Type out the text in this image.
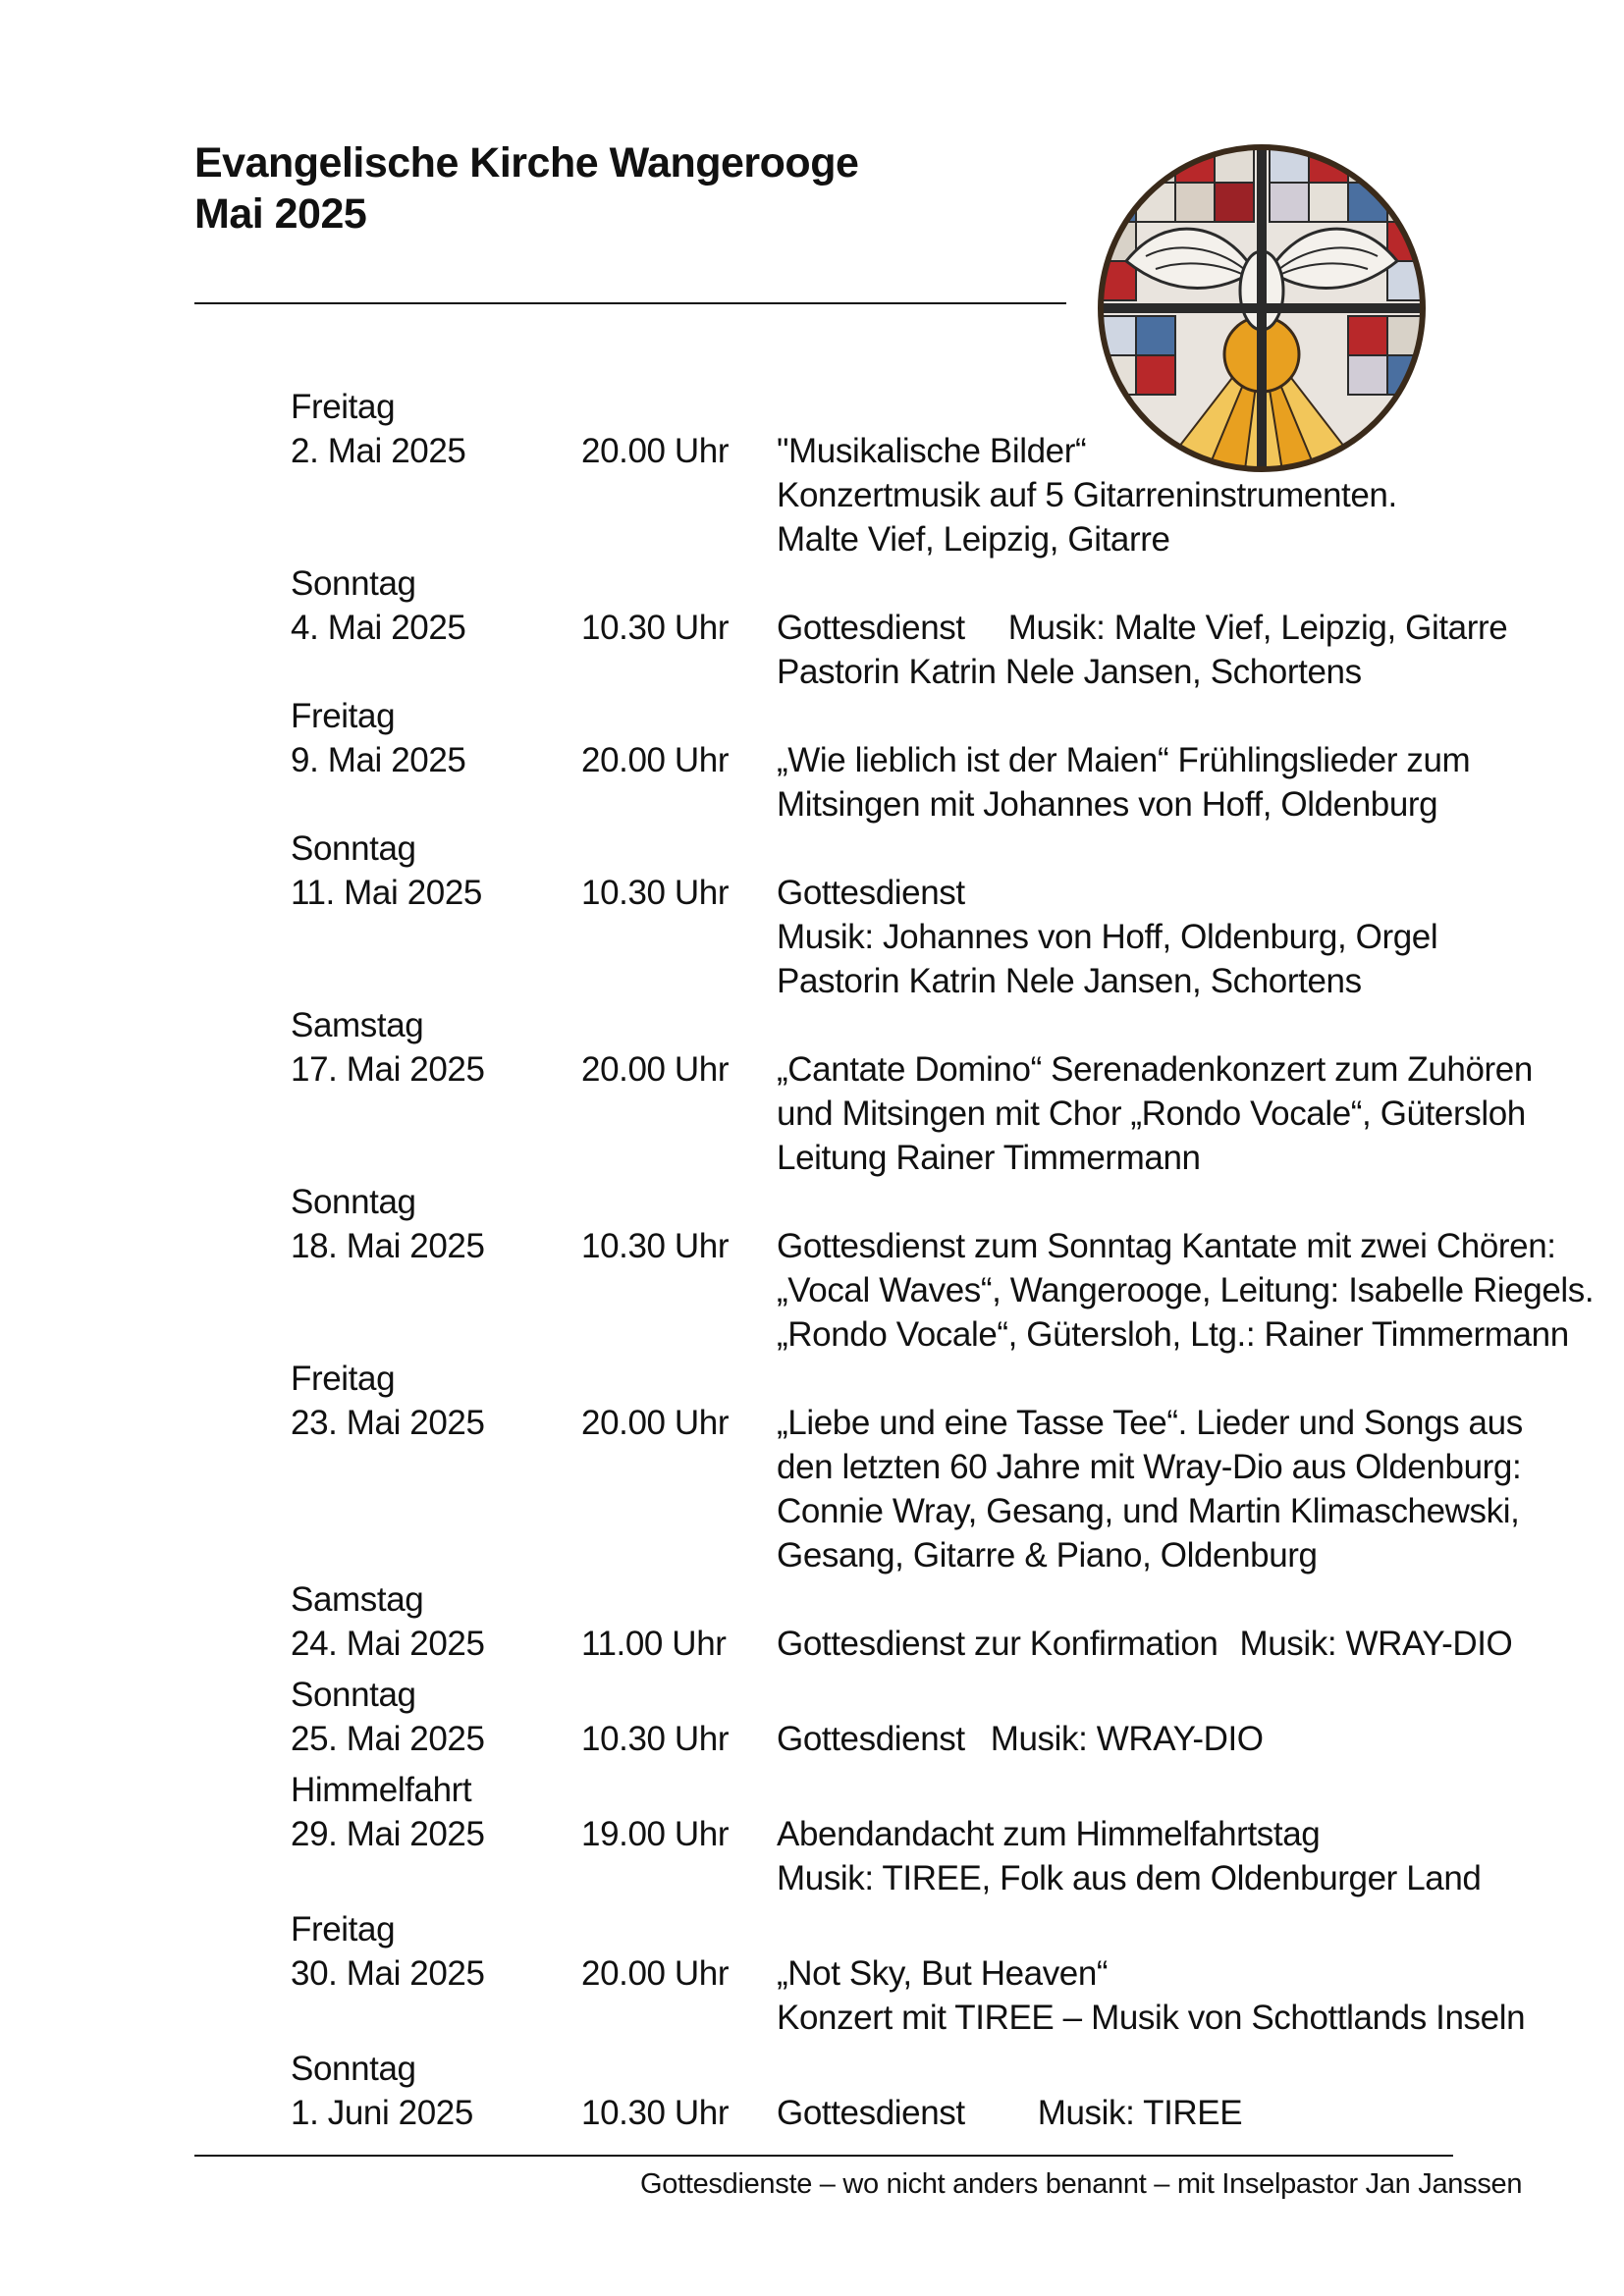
Evangelische Kirche Wangerooge
Mai 2025
Freitag
2. Mai 2025	20.00 Uhr "Musikalische Bilder“
Konzertmusik auf 5 Gitarreninstrumenten.
Malte Vief, Leipzig, Gitarre
Sonntag
4. Mai 2025	10.30 Uhr Gottesdienst Musik: Malte Vief, Leipzig, Gitarre
Pastorin Katrin Nele Jansen, Schortens
Freitag
9. Mai 2025	20.00 Uhr „Wie lieblich ist der Maien“ Frühlingslieder zum
Mitsingen mit Johannes von Hoff, Oldenburg
Sonntag
11. Mai 2025	10.30 Uhr Gottesdienst
Musik: Johannes von Hoff, Oldenburg, Orgel
Pastorin Katrin Nele Jansen, Schortens
Samstag
17. Mai 2025	20.00 Uhr „Cantate Domino“ Serenadenkonzert zum Zuhören
und Mitsingen mit Chor „Rondo Vocale“, Gütersloh
Leitung Rainer Timmermann
Sonntag
18. Mai 2025	10.30 Uhr Gottesdienst zum Sonntag Kantate mit zwei Chören:
„Vocal Waves“, Wangerooge, Leitung: Isabelle Riegels.
„Rondo Vocale“, Gütersloh, Ltg.: Rainer Timmermann
Freitag
23. Mai 2025	20.00 Uhr „Liebe und eine Tasse Tee“. Lieder und Songs aus
den letzten 60 Jahre mit Wray-Dio aus Oldenburg:
Connie Wray, Gesang, und Martin Klimaschewski,
Gesang, Gitarre & Piano, Oldenburg
Samstag
24. Mai 2025	11.00 Uhr Gottesdienst zur Konfirmation Musik: WRAY-DIO
Sonntag
25. Mai 2025	10.30 Uhr Gottesdienst Musik: WRAY-DIO
Himmelfahrt
29. Mai 2025	19.00 Uhr Abendandacht zum Himmelfahrtstag
Musik: TIREE, Folk aus dem Oldenburger Land
Freitag
30. Mai 2025	20.00 Uhr „Not Sky, But Heaven“
Konzert mit TIREE – Musik von Schottlands Inseln
Sonntag
1. Juni 2025	10.30 Uhr Gottesdienst Musik: TIREE
Gottesdienste – wo nicht anders benannt – mit Inselpastor Jan Janssen
